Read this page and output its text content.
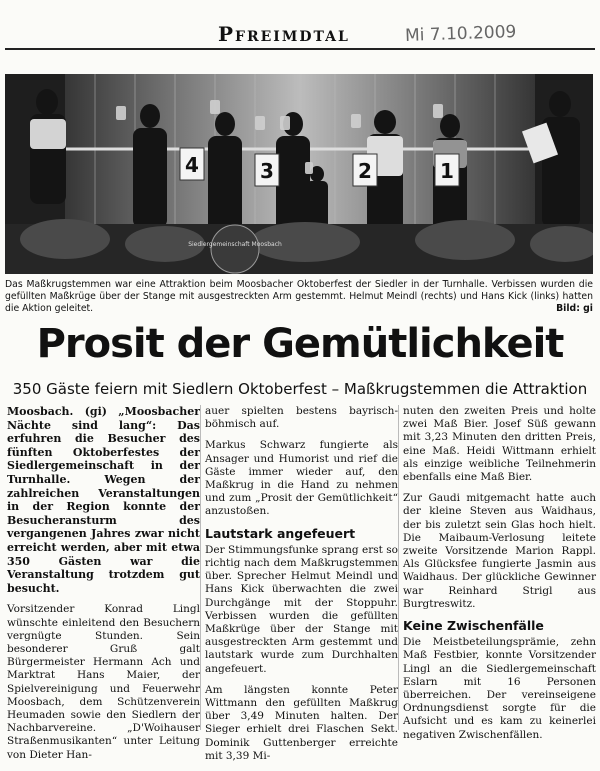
Pfreimdtal	Mi 7.10.2009
4	3	2	1
Siedlergemeinschaft Moosbach
Das Maßkrugstemmen war eine Attraktion beim Moosbacher Oktoberfest der Siedler in der Turnhalle. Verbissen wurden die gefüllten Maßkrüge über der Stange mit ausgestreckten Arm gestemmt. Helmut Meindl (rechts) und Hans Kick (links) hatten die Aktion geleitet.	Bild: gi
Prosit der Gemütlichkeit
350 Gäste feiern mit Siedlern Oktoberfest – Maßkrugstemmen die Attraktion

Moosbach. (gi) „Moosbacher Nächte sind lang“: Das erfuhren die Besucher des fünften Oktoberfestes der Siedlergemeinschaft in der Turnhalle. Wegen der zahlreichen Veranstaltungen in der Region konnte der Besucheransturm des vergangenen Jahres zwar nicht erreicht werden, aber mit etwa 350 Gästen war die Veranstaltung trotzdem gut besucht.

Vorsitzender Konrad Lingl wünschte einleitend den Besuchern vergnügte Stunden. Sein besonderer Gruß galt Bürgermeister Hermann Ach und Marktrat Hans Maier, der Spielvereinigung und Feuerwehr Moosbach, dem Schützenverein Heumaden sowie den Siedlern der Nachbarvereine. „D'Woihauser Straßenmusikanten“ unter Leitung von Dieter Han-

auer spielten bestens bayrisch-böhmisch auf.

Markus Schwarz fungierte als Ansager und Humorist und rief die Gäste immer wieder auf, den Maßkrug in die Hand zu nehmen und zum „Prosit der Gemütlichkeit“ anzustoßen.

Lautstark angefeuert

Der Stimmungsfunke sprang erst so richtig nach dem Maßkrugstemmen über. Sprecher Helmut Meindl und Hans Kick überwachten die zwei Durchgänge mit der Stoppuhr. Verbissen wurden die gefüllten Maßkrüge über der Stange mit ausgestreckten Arm gestemmt und lautstark wurde zum Durchhalten angefeuert.

Am längsten konnte Peter Wittmann den gefüllten Maßkrug über 3,49 Minuten halten. Der Sieger erhielt drei Flaschen Sekt. Dominik Guttenberger erreichte mit 3,39 Mi-

nuten den zweiten Preis und holte zwei Maß Bier. Josef Süß gewann mit 3,23 Minuten den dritten Preis, eine Maß. Heidi Wittmann erhielt als einzige weibliche Teilnehmerin ebenfalls eine Maß Bier.

Zur Gaudi mitgemacht hatte auch der kleine Steven aus Waidhaus, der bis zuletzt sein Glas hoch hielt. Die Maibaum-Verlosung leitete zweite Vorsitzende Marion Rappl. Als Glücksfee fungierte Jasmin aus Waidhaus. Der glückliche Gewinner war Reinhard Strigl aus Burgtreswitz.

Keine Zwischenfälle

Die Meistbeteilungsprämie, zehn Maß Festbier, konnte Vorsitzender Lingl an die Siedlergemeinschaft Eslarn mit 16 Personen überreichen. Der vereinseigene Ordnungsdienst sorgte für die Aufsicht und es kam zu keinerlei negativen Zwischenfällen.
